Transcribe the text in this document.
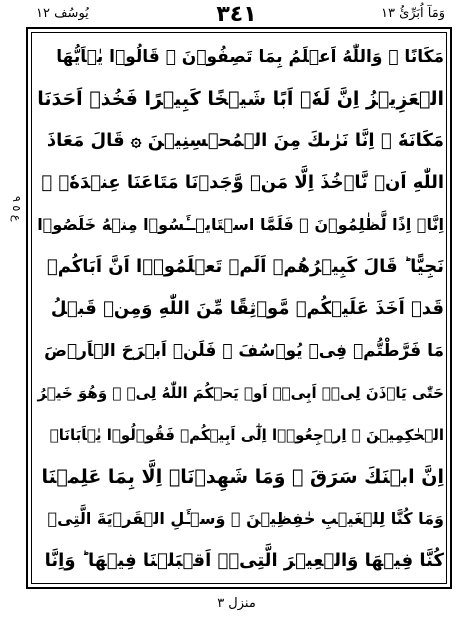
وَمَآ اُبَرِّئُ ١٣
٣٤١
يُوسُف ١٢
ع ٥ ٩
مَكَانًا ۚ وَاللّٰهُ اَعۡلَمُ بِمَا تَصِفُوۡنَ ۞ قَالُوۡا يٰۤاَيُّهَا
الۡعَزِيۡزُ اِنَّ لَهٗۤ اَبًا شَيۡخًا كَبِيۡرًا فَخُذۡ اَحَدَنَا
مَكَانَهٗ ۚ اِنَّا نَرٰٮكَ مِنَ الۡمُحۡسِنِيۡنَ ۞ قَالَ مَعَاذَ
اللّٰهِ اَنۡ نَّاۡخُذَ اِلَّا مَنۡ وَّجَدۡنَا مَتَاعَنَا عِنۡدَهٗۤ ۙ
اِنَّاۤ اِذًا لَّظٰلِمُوۡنَ ۞ فَلَمَّا اسۡتَايۡــَٔسُوۡا مِنۡهُ خَلَصُوۡا
نَجِيًّا ؕ قَالَ كَبِيۡرُهُمۡ اَلَمۡ تَعۡلَمُوۡۤا اَنَّ اَبَاكُمۡ
قَدۡ اَخَذَ عَلَيۡكُمۡ مَّوۡثِقًا مِّنَ اللّٰهِ وَمِنۡ قَبۡلُ
مَا فَرَّطْتُّمۡ فِىۡ يُوۡسُفَ ۚ فَلَنۡ اَبۡرَحَ الۡاَرۡضَ
حَتّٰى يَاۡذَنَ لِىۡۤ اَبِىۡۤ اَوۡ يَحۡكُمَ اللّٰهُ لِىۡ ۚ وَهُوَ خَيۡرُ
الۡحٰكِمِيۡنَ ۞ اِرۡجِعُوۡۤا اِلٰٓى اَبِيۡكُمۡ فَقُوۡلُوۡا يٰۤاَبَانَاۤ
اِنَّ ابۡنَكَ سَرَقَ ۚ وَمَا شَهِدۡنَاۤ اِلَّا بِمَا عَلِمۡنَا
وَمَا كُنَّا لِلۡغَيۡبِ حٰفِظِيۡنَ ۞ وَسۡـَٔلِ الۡقَرۡيَةَ الَّتِىۡ
كُنَّا فِيۡهَا وَالۡعِيۡرَ الَّتِىۡۤ اَقۡبَلۡنَا فِيۡهَا ؕ وَاِنَّا
منزل ٣
